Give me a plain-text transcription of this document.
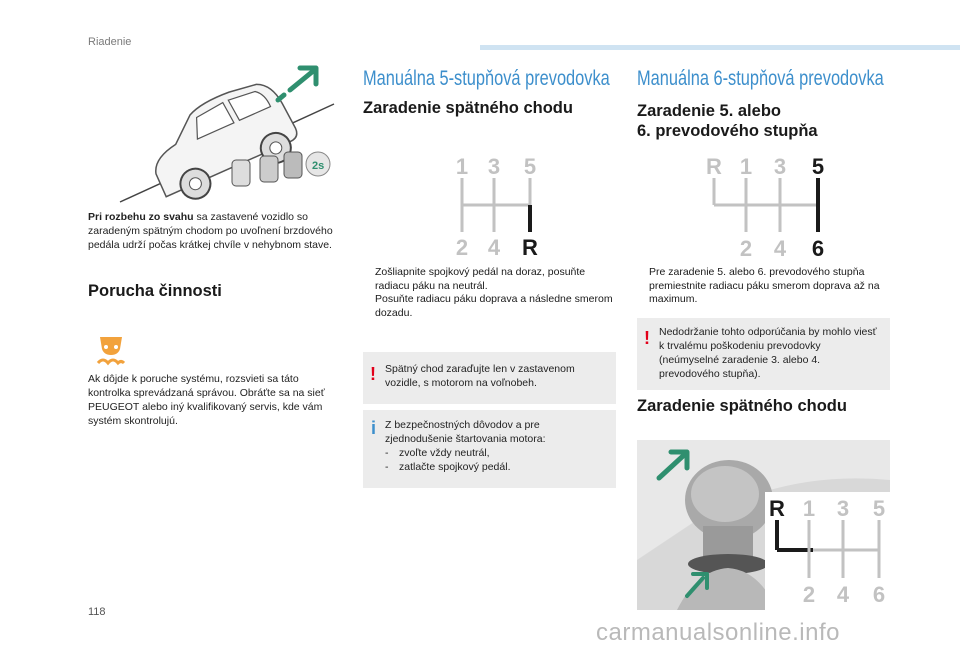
Riadenie
118
carmanualsonline.info
2s
Pri rozbehu zo svahu sa zastavené vozidlo so zaradeným spätným chodom po uvoľnení brzdového pedála udrží počas krátkej chvíle v nehybnom stave.
Porucha činnosti
Ak dôjde k poruche systému, rozsvieti sa táto kontrolka sprevádzaná správou. Obráťte sa na sieť PEUGEOT alebo iný kvalifikovaný servis, kde vám systém skontrolujú.
Manuálna 5-stupňová prevodovka
Zaradenie spätného chodu
1 3 5
2 4 R
Zošliapnite spojkový pedál na doraz, posuňte radiacu páku na neutrál.
Posuňte radiacu páku doprava a následne smerom dozadu.
! Spätný chod zaraďujte len v zastavenom vozidle, s motorom na voľnobeh.
i Z bezpečnostných dôvodov a pre zjednodušenie štartovania motora:
- zvoľte vždy neutrál,
- zatlačte spojkový pedál.
Manuálna 6-stupňová prevodovka
Zaradenie 5. alebo
6. prevodového stupňa
R 1 3 5
2 4 6
Pre zaradenie 5. alebo 6. prevodového stupňa premiestnite radiacu páku smerom doprava až na maximum.
! Nedodržanie tohto odporúčania by mohlo viesť k trvalému poškodeniu prevodovky (neúmyselné zaradenie 3. alebo 4. prevodového stupňa).
Zaradenie spätného chodu
R 1 3 5
2 4 6
